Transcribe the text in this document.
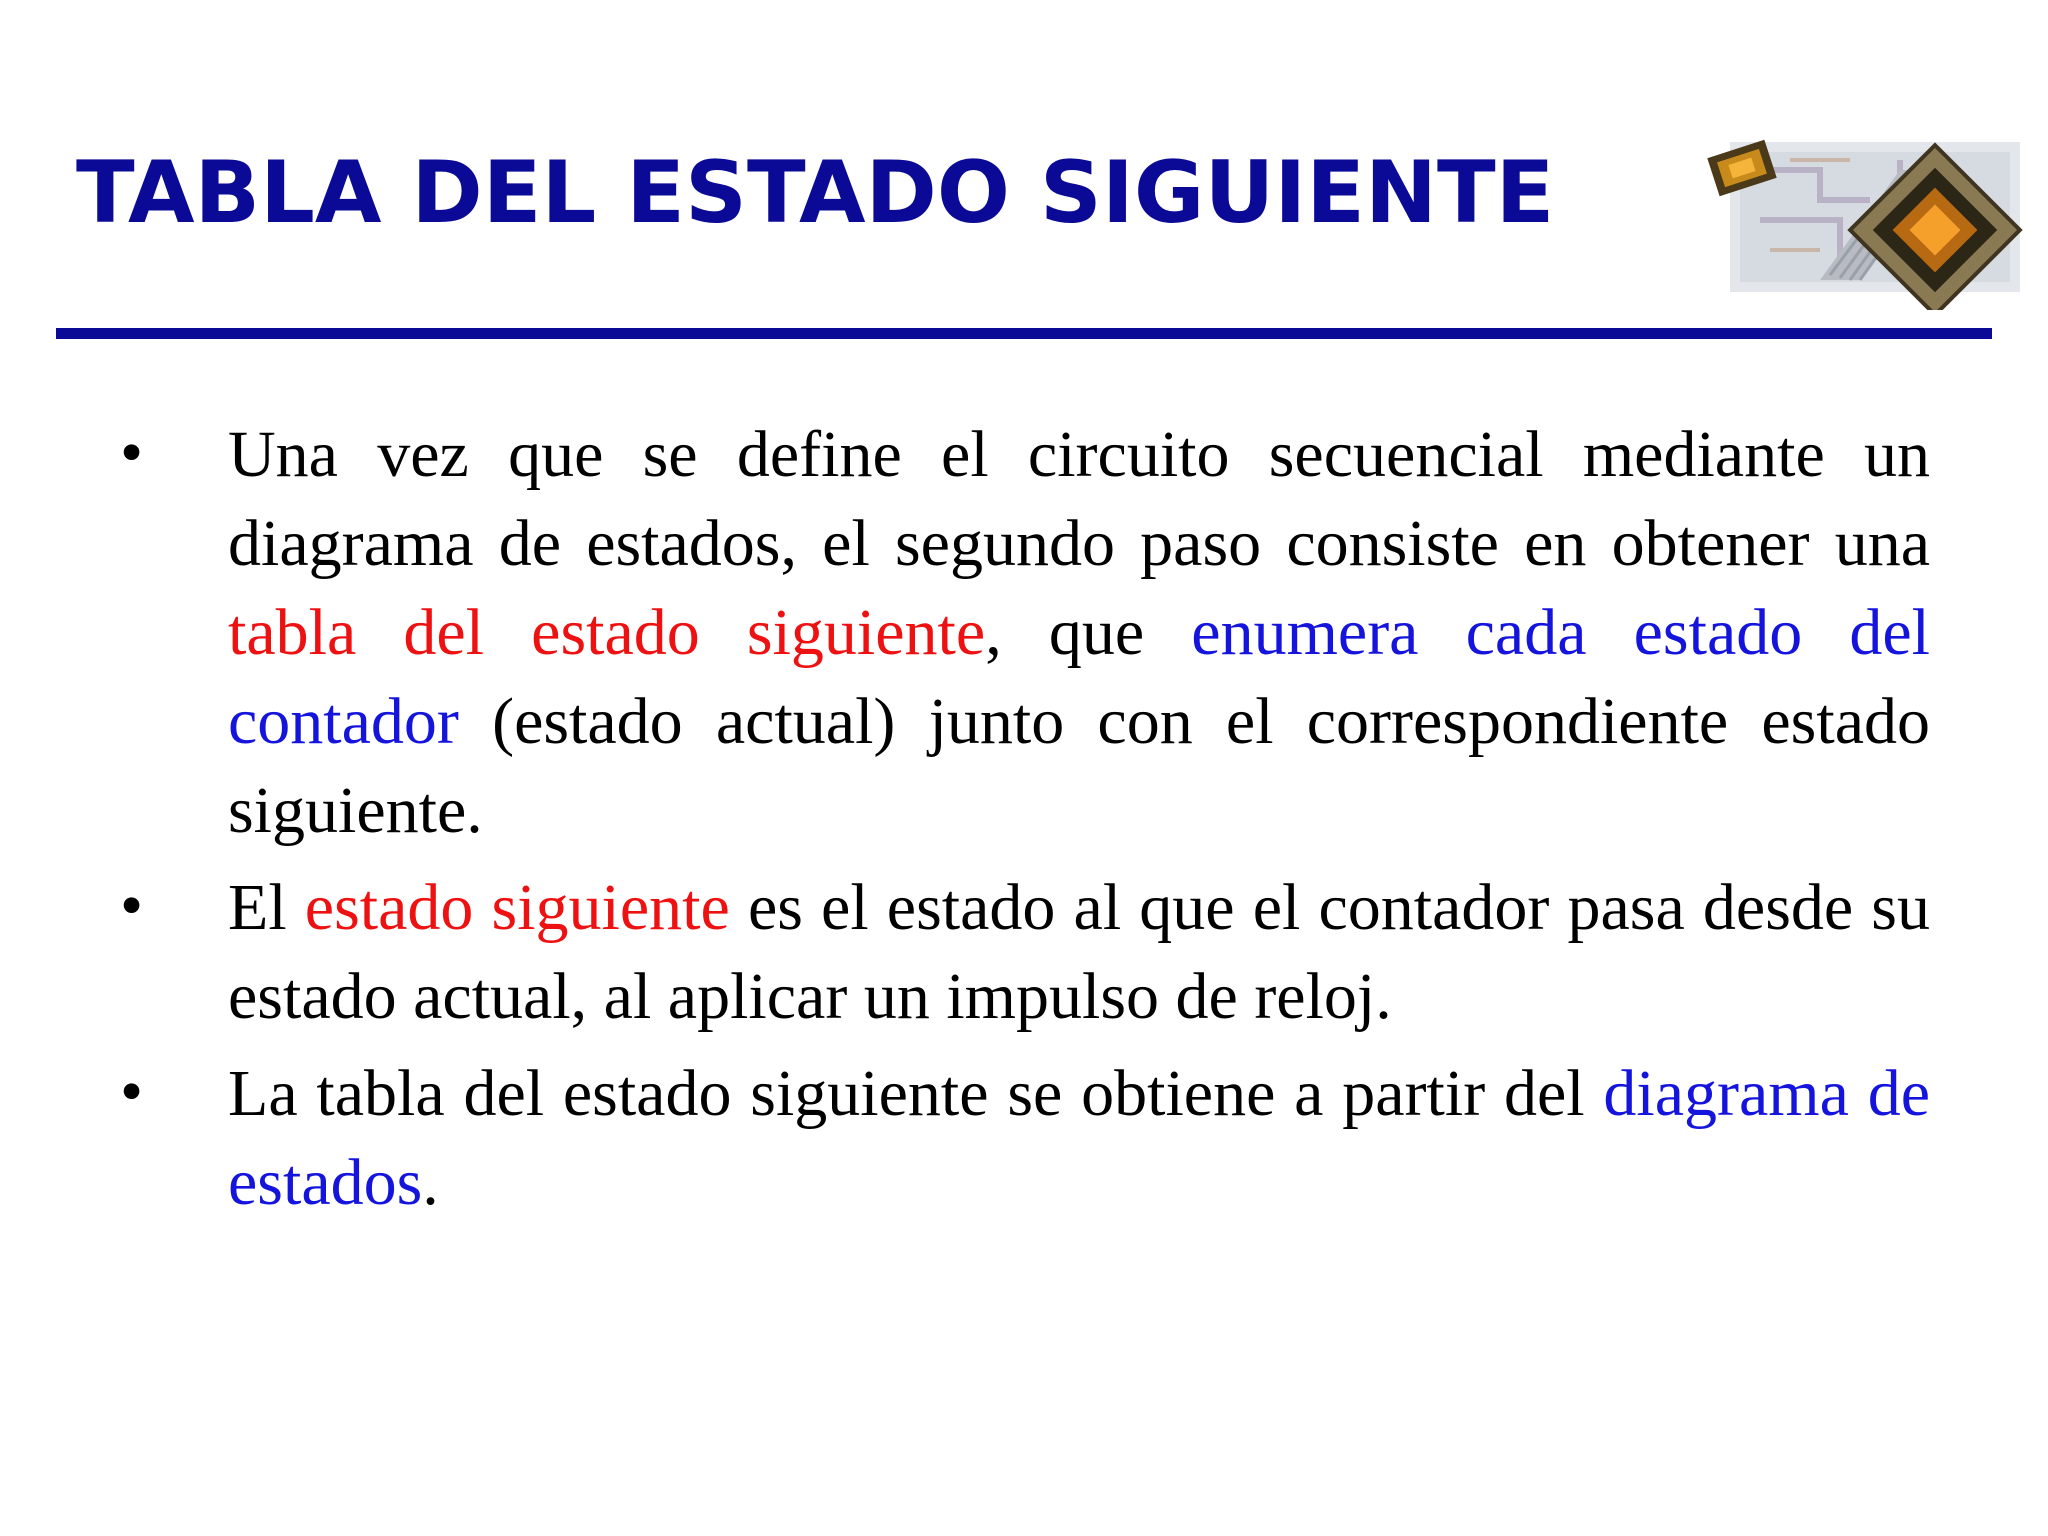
TABLA DEL ESTADO SIGUIENTE
• Una vez que se define el circuito secuencial mediante un diagrama de estados, el segundo paso consiste en obtener una tabla del estado siguiente, que enumera cada estado del contador (estado actual) junto con el correspondiente estado siguiente.
• El estado siguiente es el estado al que el contador pasa desde su estado actual, al aplicar un impulso de reloj.
• La tabla del estado siguiente se obtiene a partir del diagrama de estados.
